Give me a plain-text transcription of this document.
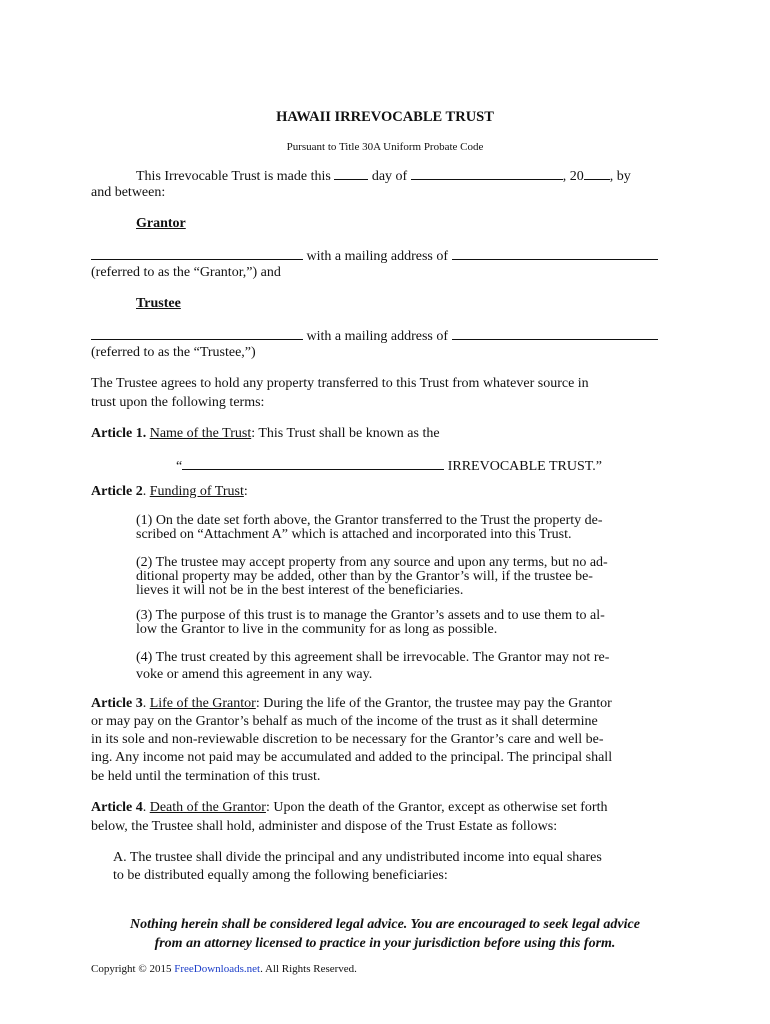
HAWAII IRREVOCABLE TRUST
Pursuant to Title 30A Uniform Probate Code
This Irrevocable Trust is made this	day of	, 20 , by
and between:
Grantor
with a mailing address of
(referred to as the “Grantor,”) and
Trustee
with a mailing address of
(referred to as the “Trustee,”)
The Trustee agrees to hold any property transferred to this Trust from whatever source in
trust upon the following terms:
Article 1. Name of the Trust: This Trust shall be known as the
“	IRREVOCABLE TRUST.”
Article 2. Funding of Trust:
(1) On the date set forth above, the Grantor transferred to the Trust the property de-
scribed on “Attachment A” which is attached and incorporated into this Trust.
(2) The trustee may accept property from any source and upon any terms, but no ad-
ditional property may be added, other than by the Grantor’s will, if the trustee be-
lieves it will not be in the best interest of the beneficiaries.
(3) The purpose of this trust is to manage the Grantor’s assets and to use them to al-
low the Grantor to live in the community for as long as possible.
(4) The trust created by this agreement shall be irrevocable. The Grantor may not re-
voke or amend this agreement in any way.
Article 3. Life of the Grantor: During the life of the Grantor, the trustee may pay the Grantor
or may pay on the Grantor’s behalf as much of the income of the trust as it shall determine
in its sole and non-reviewable discretion to be necessary for the Grantor’s care and well be-
ing. Any income not paid may be accumulated and added to the principal. The principal shall
be held until the termination of this trust.
Article 4. Death of the Grantor: Upon the death of the Grantor, except as otherwise set forth
below, the Trustee shall hold, administer and dispose of the Trust Estate as follows:
A. The trustee shall divide the principal and any undistributed income into equal shares
to be distributed equally among the following beneficiaries:
Nothing herein shall be considered legal advice. You are encouraged to seek legal advice
from an attorney licensed to practice in your jurisdiction before using this form.
Copyright © 2015 FreeDownloads.net. All Rights Reserved.
